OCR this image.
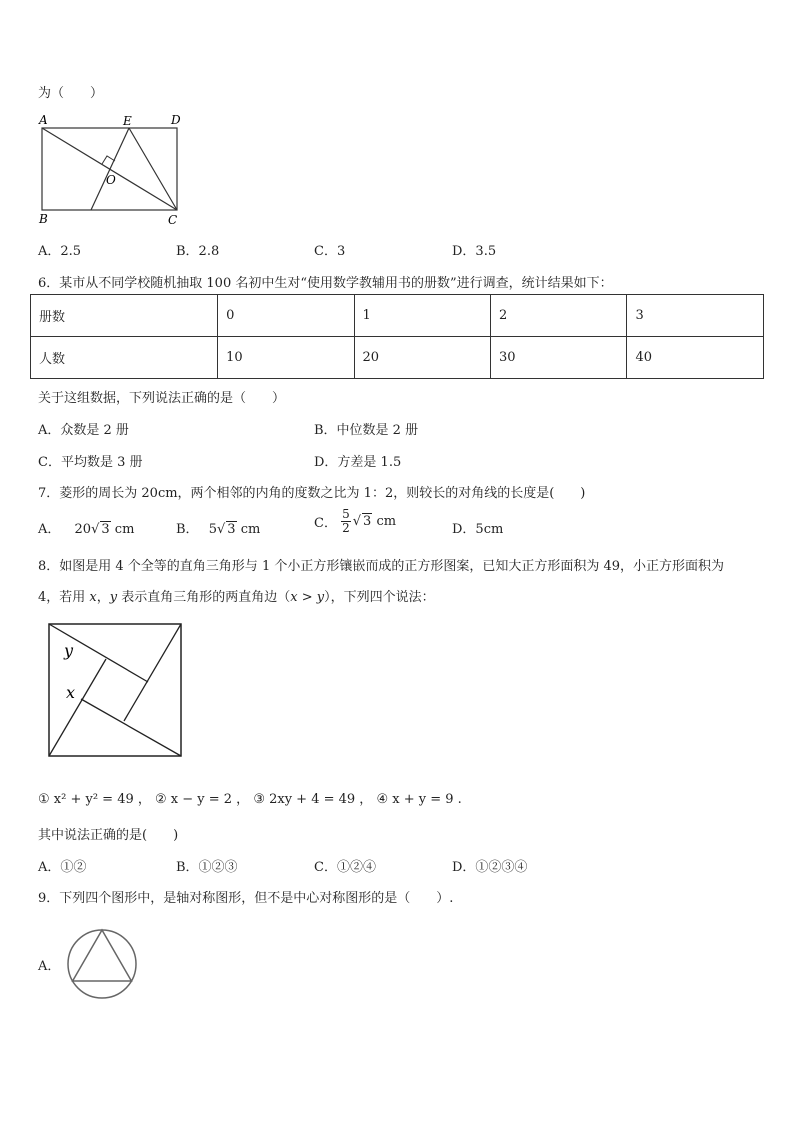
为（　　）
A	E	D
O
B	C
A．2.5	B．2.8	C．3	D．3.5
6．某市从不同学校随机抽取 100 名初中生对“使用数学教辅用书的册数”进行调查，统计结果如下：
册数	0	1	2	3
人数	10	20	30	40
关于这组数据，下列说法正确的是（　　）
A．众数是 2 册	B．中位数是 2 册
C．平均数是 3 册	D．方差是 1.5
7．菱形的周长为 20cm，两个相邻的内角的度数之比为 1：2，则较长的对角线的长度是(　　)
A． 20√ 3 cm	B． 5√ 3 cm	C． $\frac{5}{2}$ √ 3 cm
D．5cm
8．如图是用 4 个全等的直角三角形与 1 个小正方形镶嵌而成的正方形图案，已知大正方形面积为 49，小正方形面积为
4，若用 x，y 表示直角三角形的两直角边（x > y），下列四个说法：
y
x
① x² + y² = 49 ， ② x − y = 2 ， ③ 2xy + 4 = 49 ， ④ x + y = 9 .
其中说法正确的是(　　)
A．①②	B．①②③	C．①②④	D．①②③④
9．下列四个图形中，是轴对称图形，但不是中心对称图形的是（　　）.
A．
